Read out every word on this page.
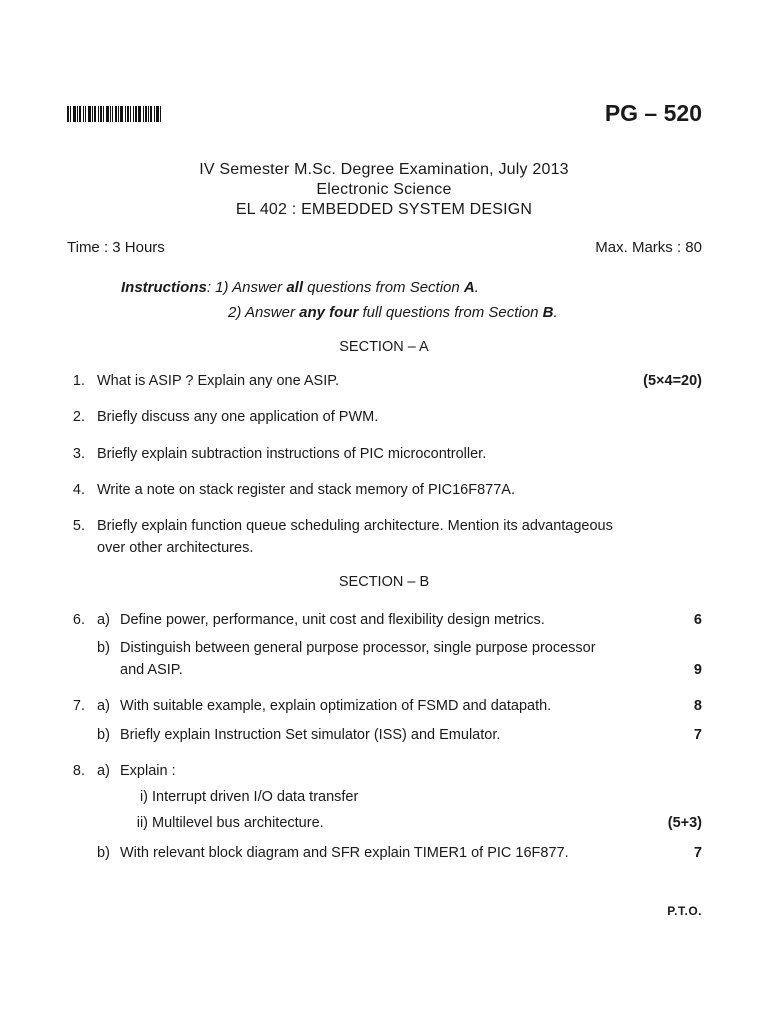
PG – 520
IV Semester M.Sc. Degree Examination, July 2013
Electronic Science
EL 402 : EMBEDDED SYSTEM DESIGN
Time : 3 Hours	Max. Marks : 80
Instructions: 1) Answer all questions from Section A.
2) Answer any four full questions from Section B.
SECTION – A
1. What is ASIP ? Explain any one ASIP.	(5×4=20)
2. Briefly discuss any one application of PWM.
3. Briefly explain subtraction instructions of PIC microcontroller.
4. Write a note on stack register and stack memory of PIC16F877A.
5. Briefly explain function queue scheduling architecture. Mention its advantageous
over other architectures.
SECTION – B
6. a) Define power, performance, unit cost and flexibility design metrics.	6
b) Distinguish between general purpose processor, single purpose processor
and ASIP.	9
7. a) With suitable example, explain optimization of FSMD and datapath.	8
b) Briefly explain Instruction Set simulator (ISS) and Emulator.	7
8. a) Explain :
i) Interrupt driven I/O data transfer
ii) Multilevel bus architecture.	(5+3)
b) With relevant block diagram and SFR explain TIMER1 of PIC 16F877.	7
P.T.O.
